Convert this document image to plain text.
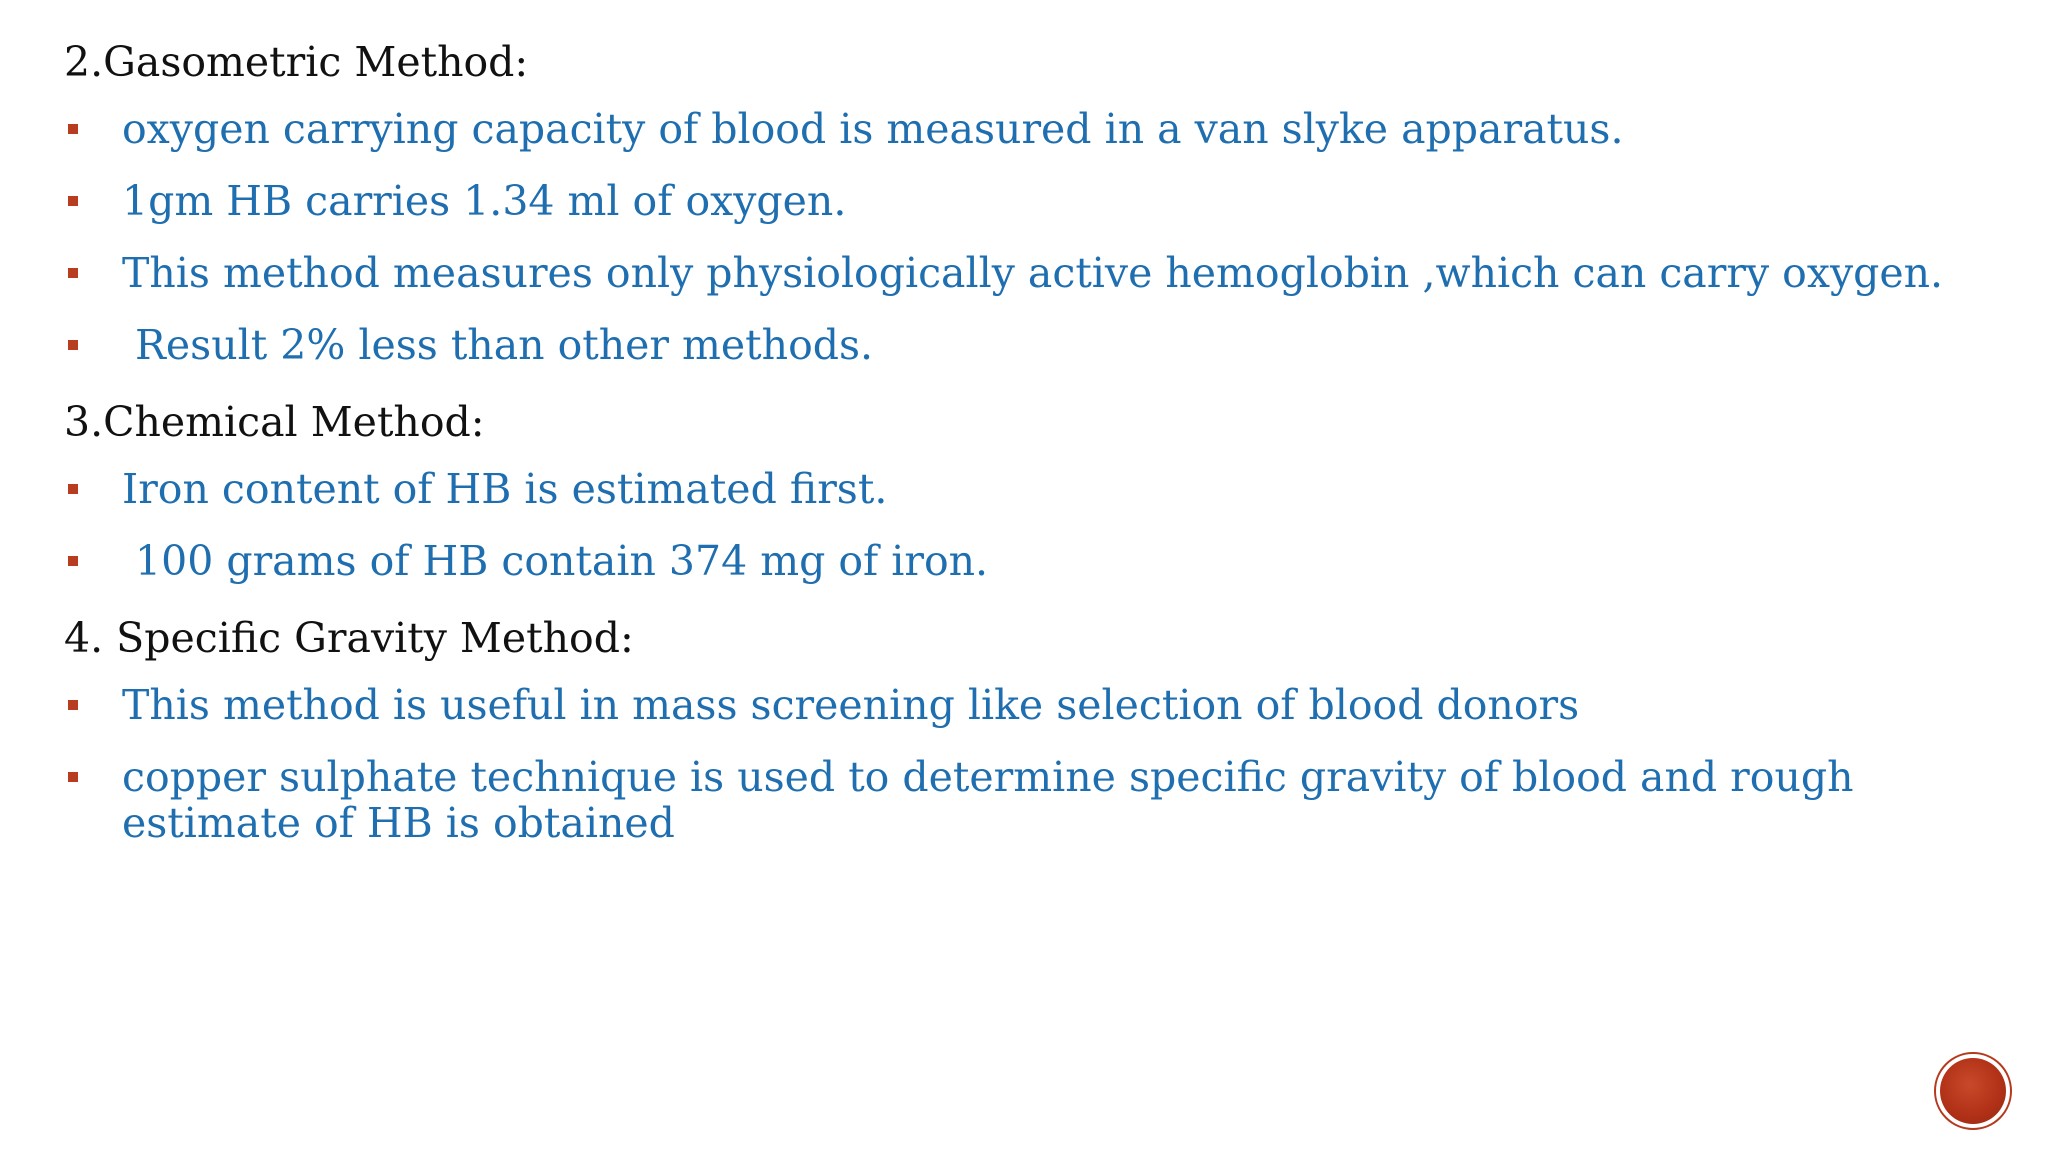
2.Gasometric Method:
oxygen carrying capacity of blood is measured in a van slyke apparatus.
1gm HB carries 1.34 ml of oxygen.
This method measures only physiologically active hemoglobin ,which can carry oxygen.
Result 2% less than other methods.
3.Chemical Method:
Iron content of HB is estimated first.
100 grams of HB contain 374 mg of iron.
4. Specific Gravity Method:
This method is useful in mass screening like selection of blood donors
copper sulphate technique is used to determine specific gravity of blood and rough estimate of HB is obtained
